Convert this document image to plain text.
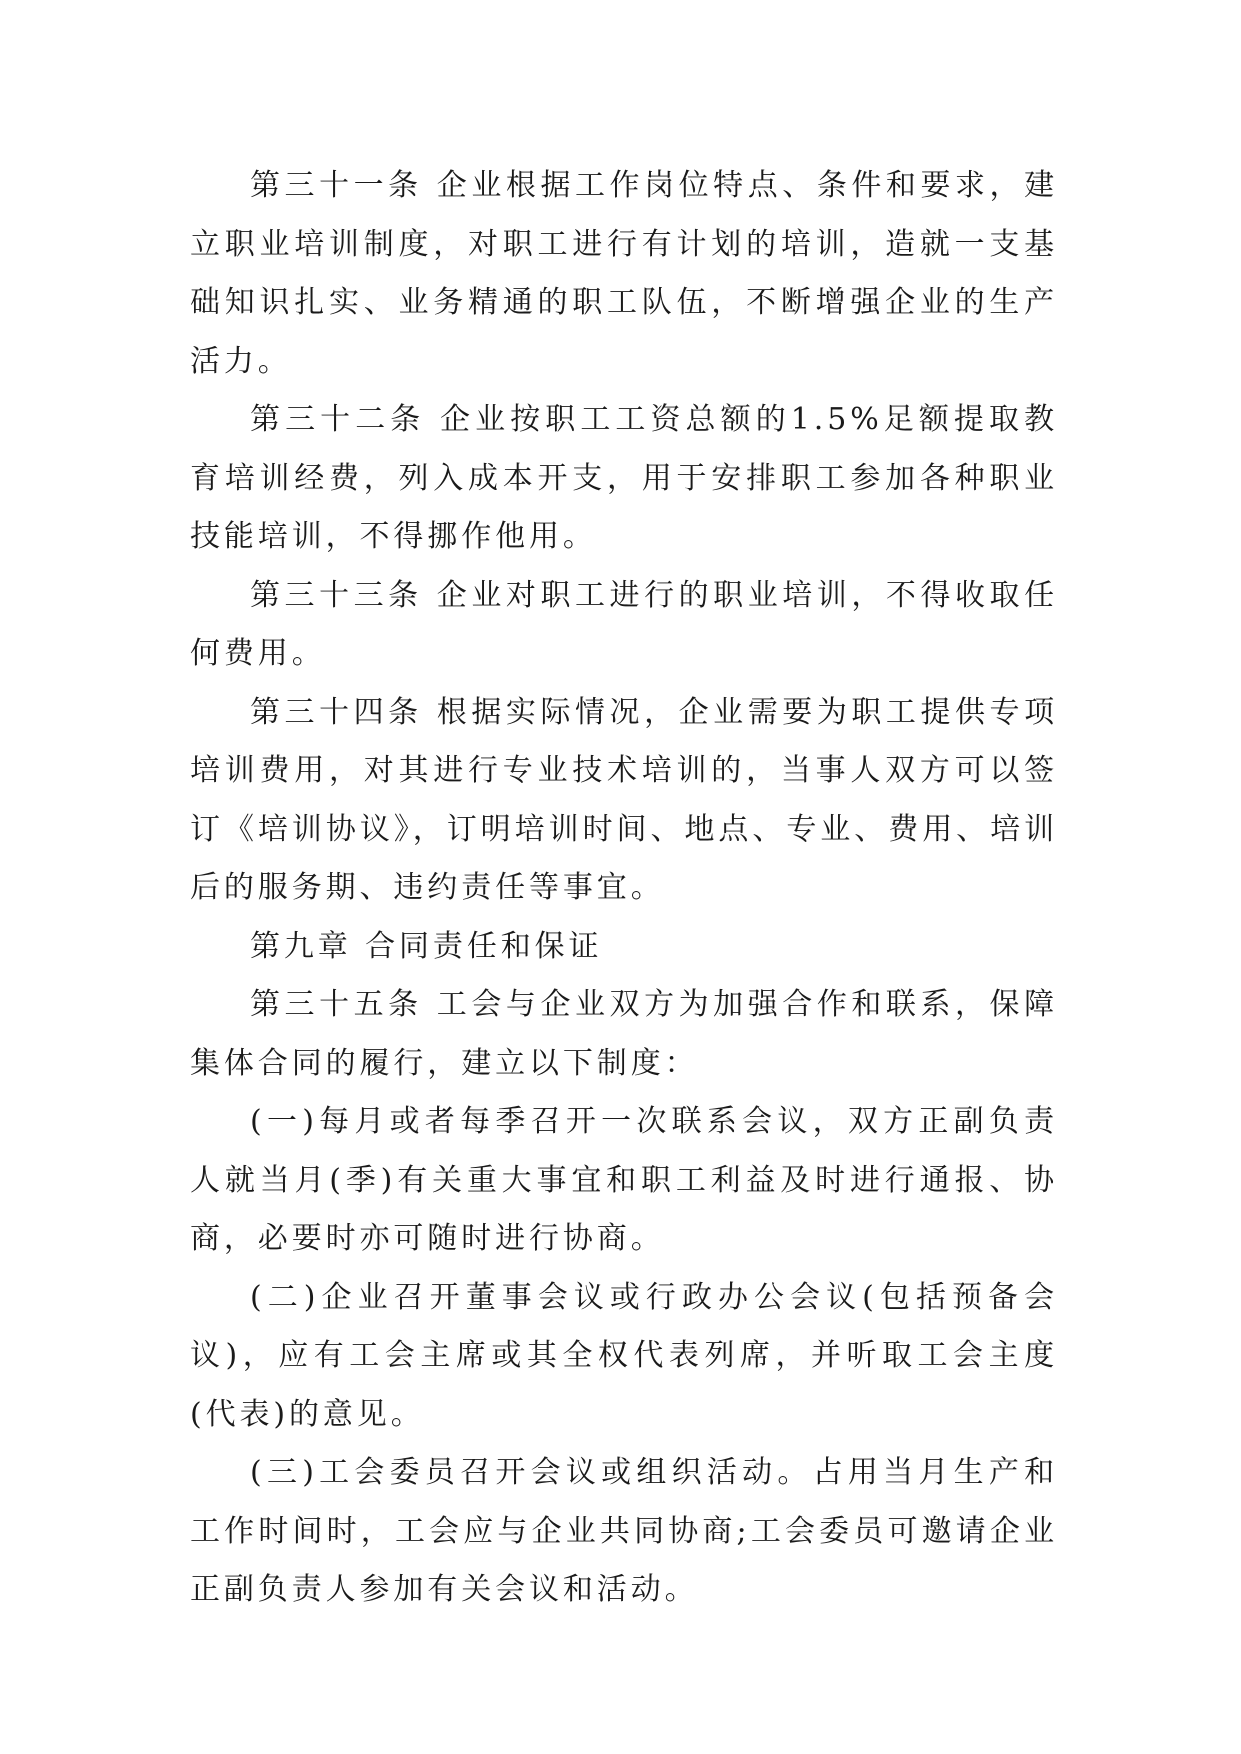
第三十一条 企业根据工作岗位特点、条件和要求，建立职业培训制度，对职工进行有计划的培训，造就一支基础知识扎实、业务精通的职工队伍，不断增强企业的生产活力。

第三十二条 企业按职工工资总额的1.5%足额提取教育培训经费，列入成本开支，用于安排职工参加各种职业技能培训，不得挪作他用。

第三十三条 企业对职工进行的职业培训，不得收取任何费用。

第三十四条 根据实际情况，企业需要为职工提供专项培训费用，对其进行专业技术培训的，当事人双方可以签订《培训协议》，订明培训时间、地点、专业、费用、培训后的服务期、违约责任等事宜。

第九章 合同责任和保证

第三十五条 工会与企业双方为加强合作和联系，保障集体合同的履行，建立以下制度：

(一)每月或者每季召开一次联系会议，双方正副负责人就当月(季)有关重大事宜和职工利益及时进行通报、协商，必要时亦可随时进行协商。

(二)企业召开董事会议或行政办公会议(包括预备会议)，应有工会主席或其全权代表列席，并听取工会主度(代表)的意见。

(三)工会委员召开会议或组织活动。占用当月生产和工作时间时，工会应与企业共同协商;工会委员可邀请企业正副负责人参加有关会议和活动。
